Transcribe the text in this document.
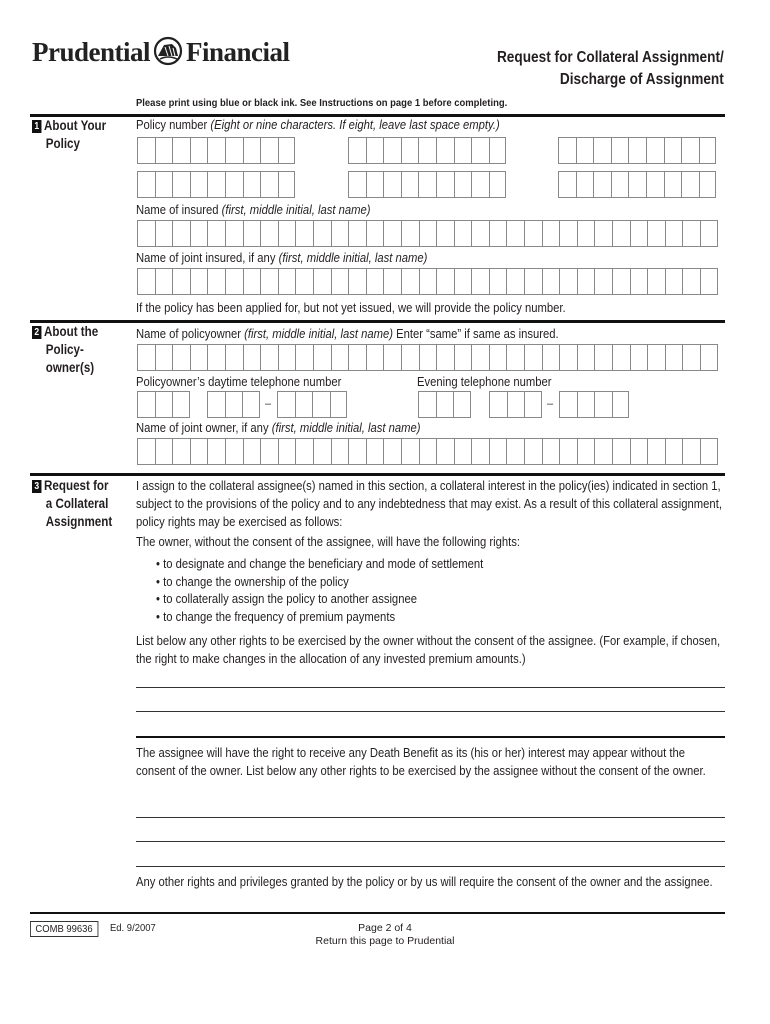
Prudential Financial	Request for Collateral Assignment/
Discharge of Assignment
Please print using blue or black ink. See Instructions on page 1 before completing.
1 About Your
Policy
Policy number (Eight or nine characters. If eight, leave last space empty.)
Name of insured (first, middle initial, last name)
Name of joint insured, if any (first, middle initial, last name)
If the policy has been applied for, but not yet issued, we will provide the policy number.
2 About the
Policy-
owner(s)
Name of policyowner (first, middle initial, last name) Enter “same” if same as insured.
Policyowner’s daytime telephone number	Evening telephone number
–	–
Name of joint owner, if any (first, middle initial, last name)
3 Request for
a Collateral
Assignment
I assign to the collateral assignee(s) named in this section, a collateral interest in the policy(ies) indicated in section 1, subject to the provisions of the policy and to any indebtedness that may exist. As a result of this collateral assignment, policy rights may be exercised as follows:
The owner, without the consent of the assignee, will have the following rights:
• to designate and change the beneficiary and mode of settlement
• to change the ownership of the policy
• to collaterally assign the policy to another assignee
• to change the frequency of premium payments
List below any other rights to be exercised by the owner without the consent of the assignee. (For example, if chosen, the right to make changes in the allocation of any invested premium amounts.)
The assignee will have the right to receive any Death Benefit as its (his or her) interest may appear without the consent of the owner. List below any other rights to be exercised by the assignee without the consent of the owner.
Any other rights and privileges granted by the policy or by us will require the consent of the owner and the assignee.
COMB 99636	Ed. 9/2007	Page 2 of 4
Return this page to Prudential
